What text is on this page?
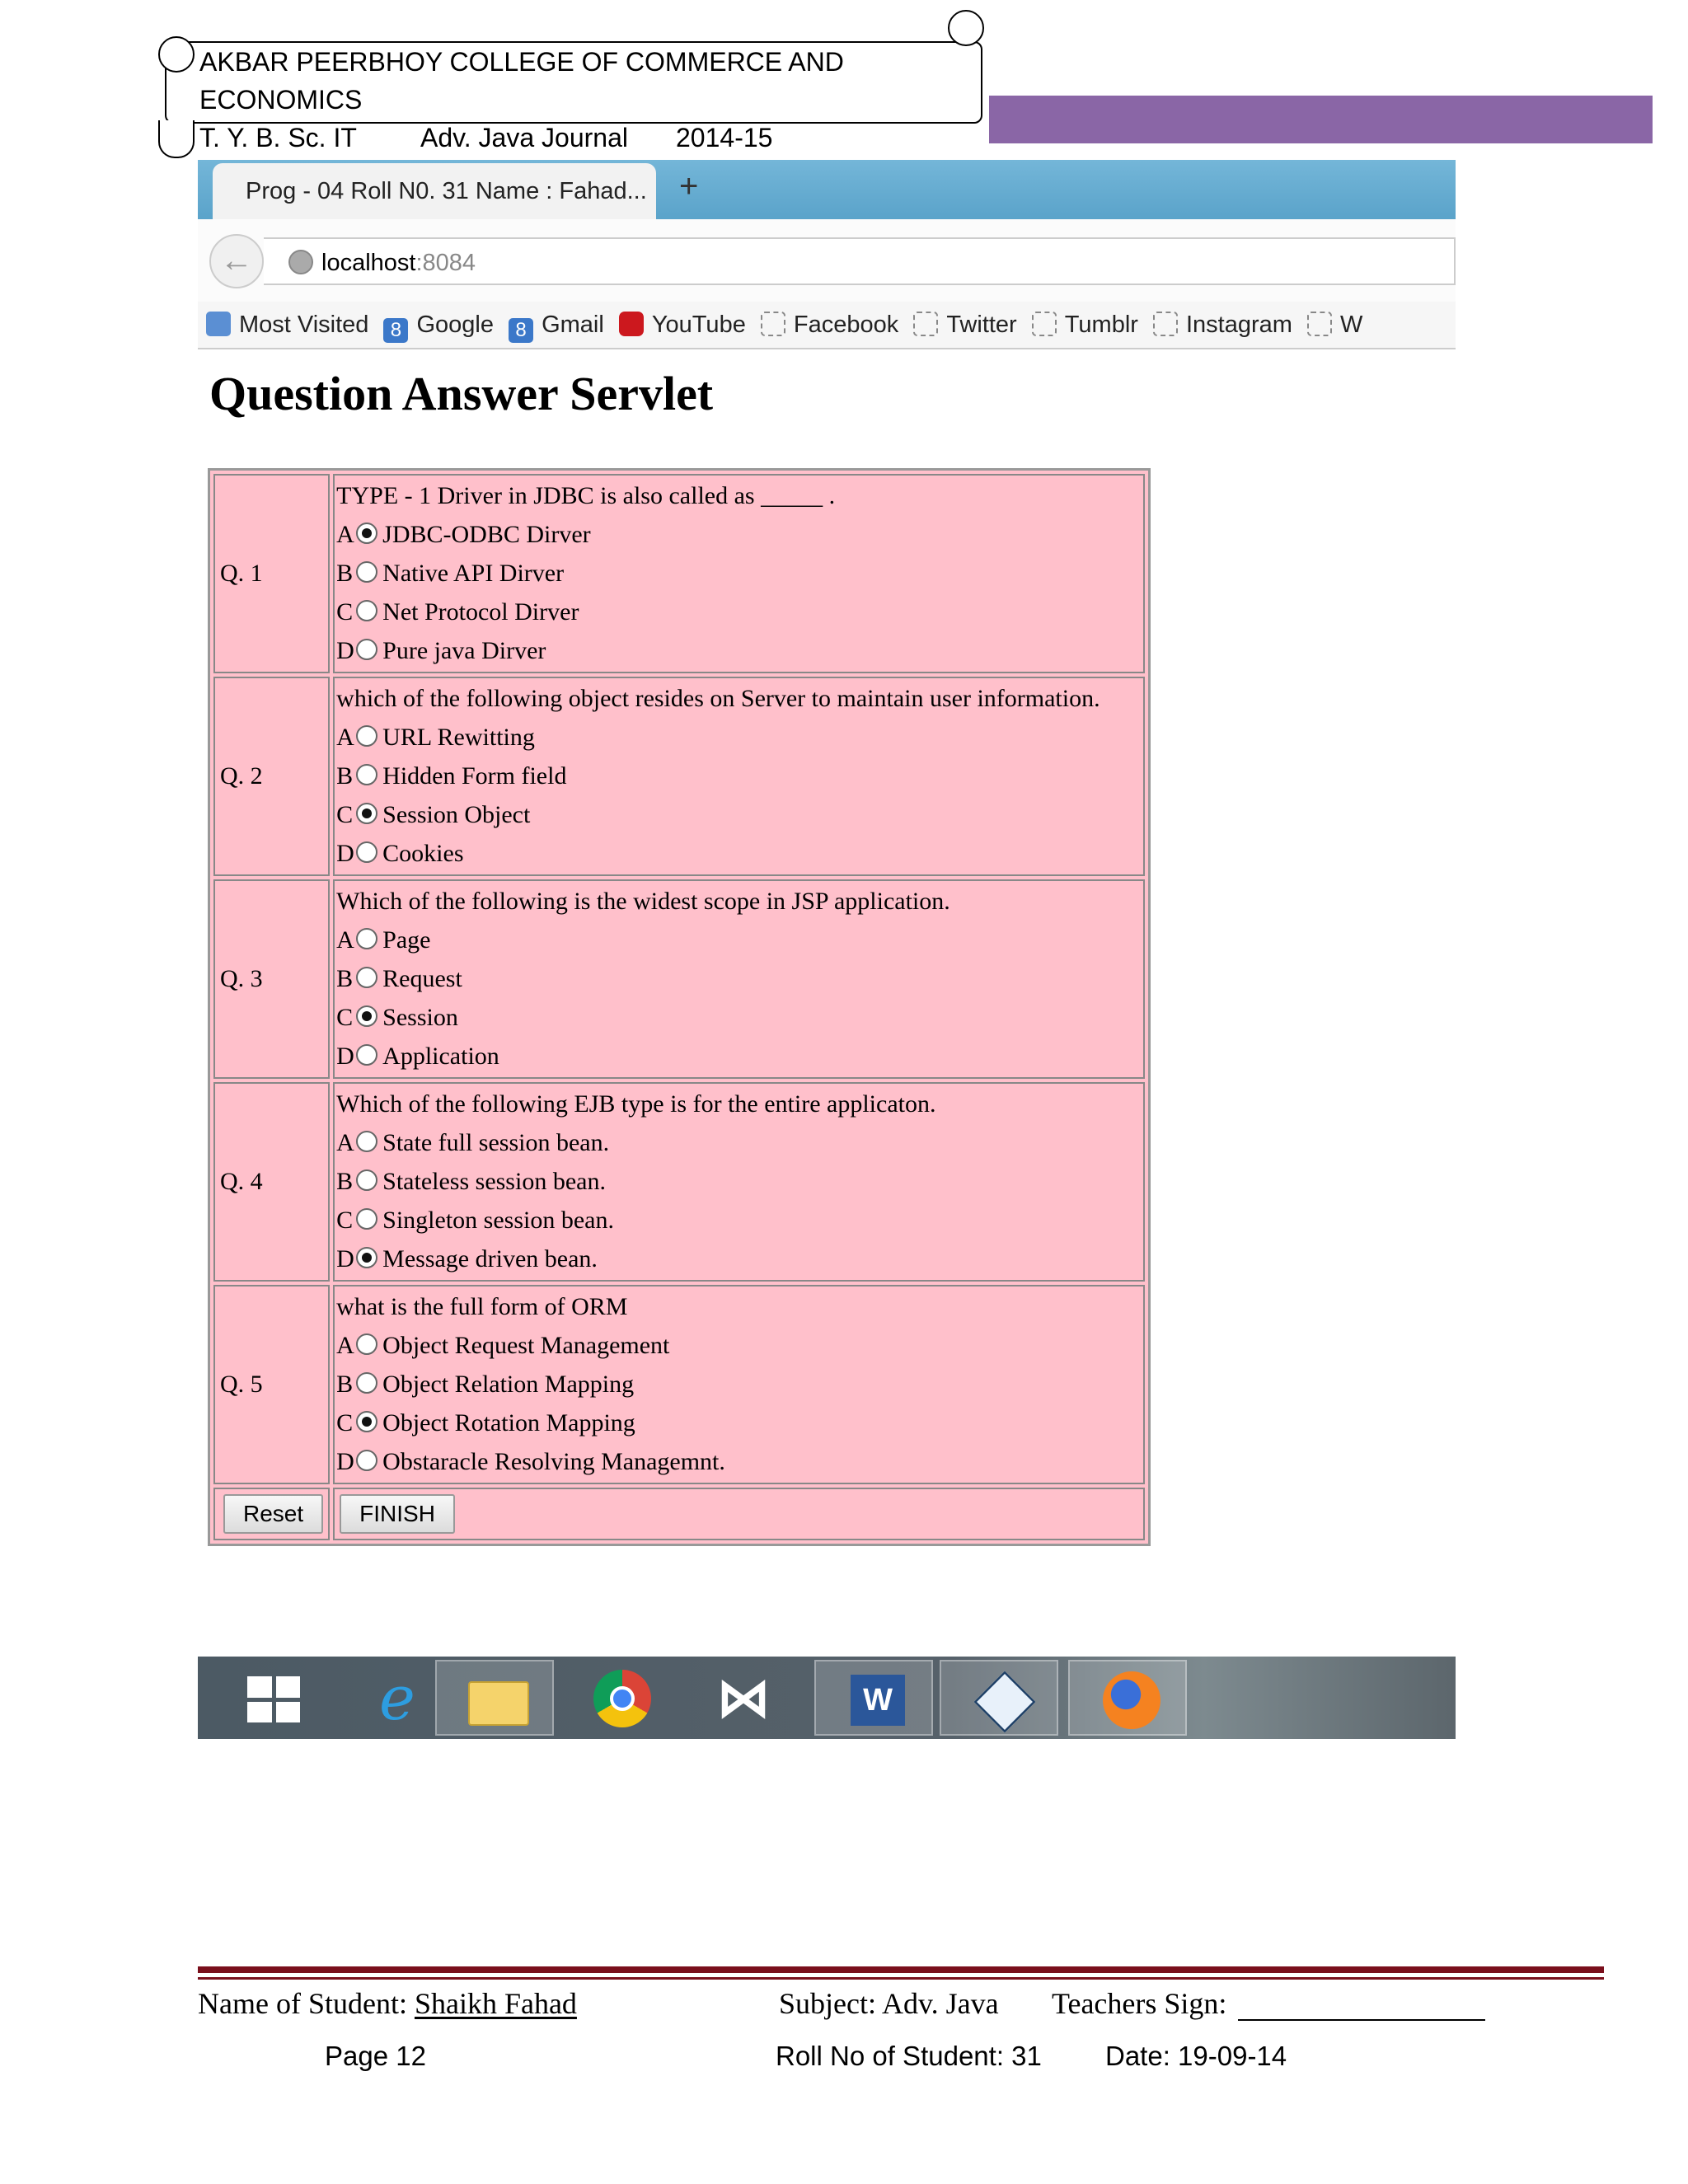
AKBAR PEERBHOY COLLEGE OF COMMERCE AND ECONOMICS
T. Y. B. Sc. IT Adv. Java Journal 2014-15
Prog - 04 Roll N0. 31 Name : Fahad... +
←	localhost:8084
Most Visited 8 Google 8 Gmail YouTube Facebook Twitter Tumblr Instagram W
Question Answer Servlet
Q. 1	TYPE - 1 Driver in JDBC is also called as _____ .
A JDBC-ODBC Dirver
B Native API Dirver
C Net Protocol Dirver
D Pure java Dirver

Q. 2	which of the following object resides on Server to maintain user information.
A URL Rewitting
B Hidden Form field
C Session Object
D Cookies

Q. 3	Which of the following is the widest scope in JSP application.
A Page
B Request
C Session
D Application

Q. 4	Which of the following EJB type is for the entire applicaton.
A State full session bean.
B Stateless session bean.
C Singleton session bean.
D Message driven bean.

Q. 5	what is the full form of ORM
A Object Request Management
B Object Relation Mapping
C Object Rotation Mapping
D Obstaracle Resolving Managemnt.

Reset	FINISH
e	⋈	W
Name of Student: Shaikh Fahad	Subject: Adv. Java Teachers Sign:
Page 12	Roll No of Student: 31 Date: 19-09-14
